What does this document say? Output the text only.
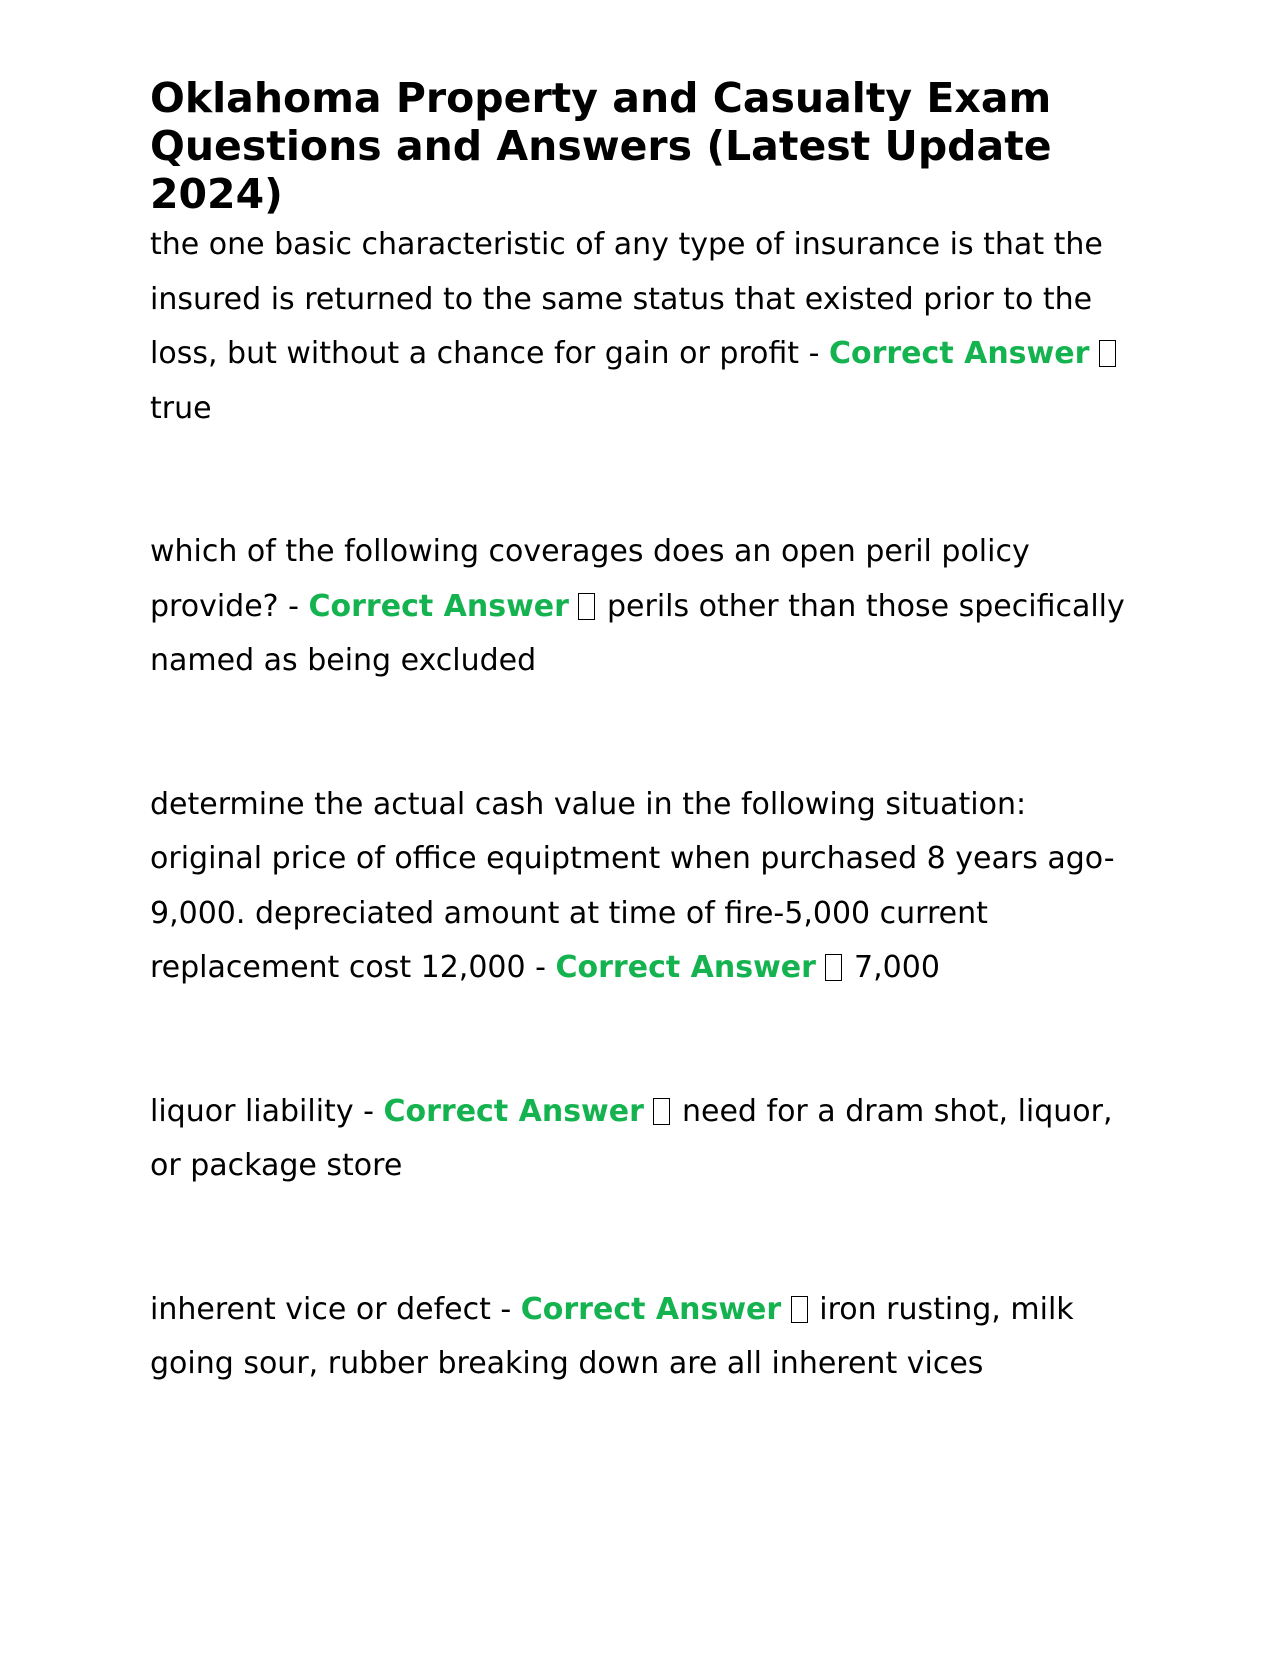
Oklahoma Property and Casualty Exam Questions and Answers (Latest Update 2024)

the one basic characteristic of any type of insurance is that the insured is returned to the same status that existed prior to the loss, but without a chance for gain or profit - Correct Answer  true

which of the following coverages does an open peril policy provide? - Correct Answer perils other than those specifically named as being excluded

determine the actual cash value in the following situation: original price of office equiptment when purchased 8 years ago- 9,000. depreciated amount at time of fire-5,000 current replacement cost 12,000 - Correct Answer 7,000

liquor liability - Correct Answer need for a dram shot, liquor, or package store

inherent vice or defect - Correct Answer iron rusting, milk going sour, rubber breaking down are all inherent vices
